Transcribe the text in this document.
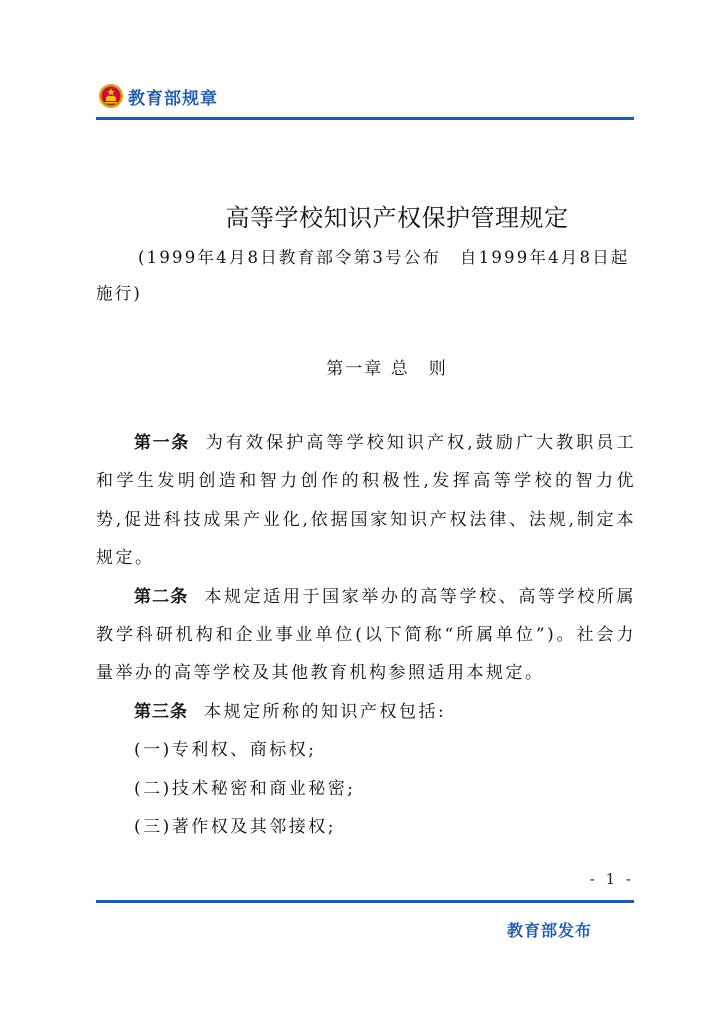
教育部规章
高等学校知识产权保护管理规定
(1999年4月8日教育部令第3号公布　自1999年4月8日起施行)
第一章 总　则

第一条 为有效保护高等学校知识产权,鼓励广大教职员工和学生发明创造和智力创作的积极性,发挥高等学校的智力优势,促进科技成果产业化,依据国家知识产权法律、法规,制定本规定。

第二条 本规定适用于国家举办的高等学校、高等学校所属教学科研机构和企业事业单位(以下简称“所属单位”)。社会力量举办的高等学校及其他教育机构参照适用本规定。

第三条 本规定所称的知识产权包括:

(一)专利权、商标权;

(二)技术秘密和商业秘密;

(三)著作权及其邻接权;

- 1 -
教育部发布
